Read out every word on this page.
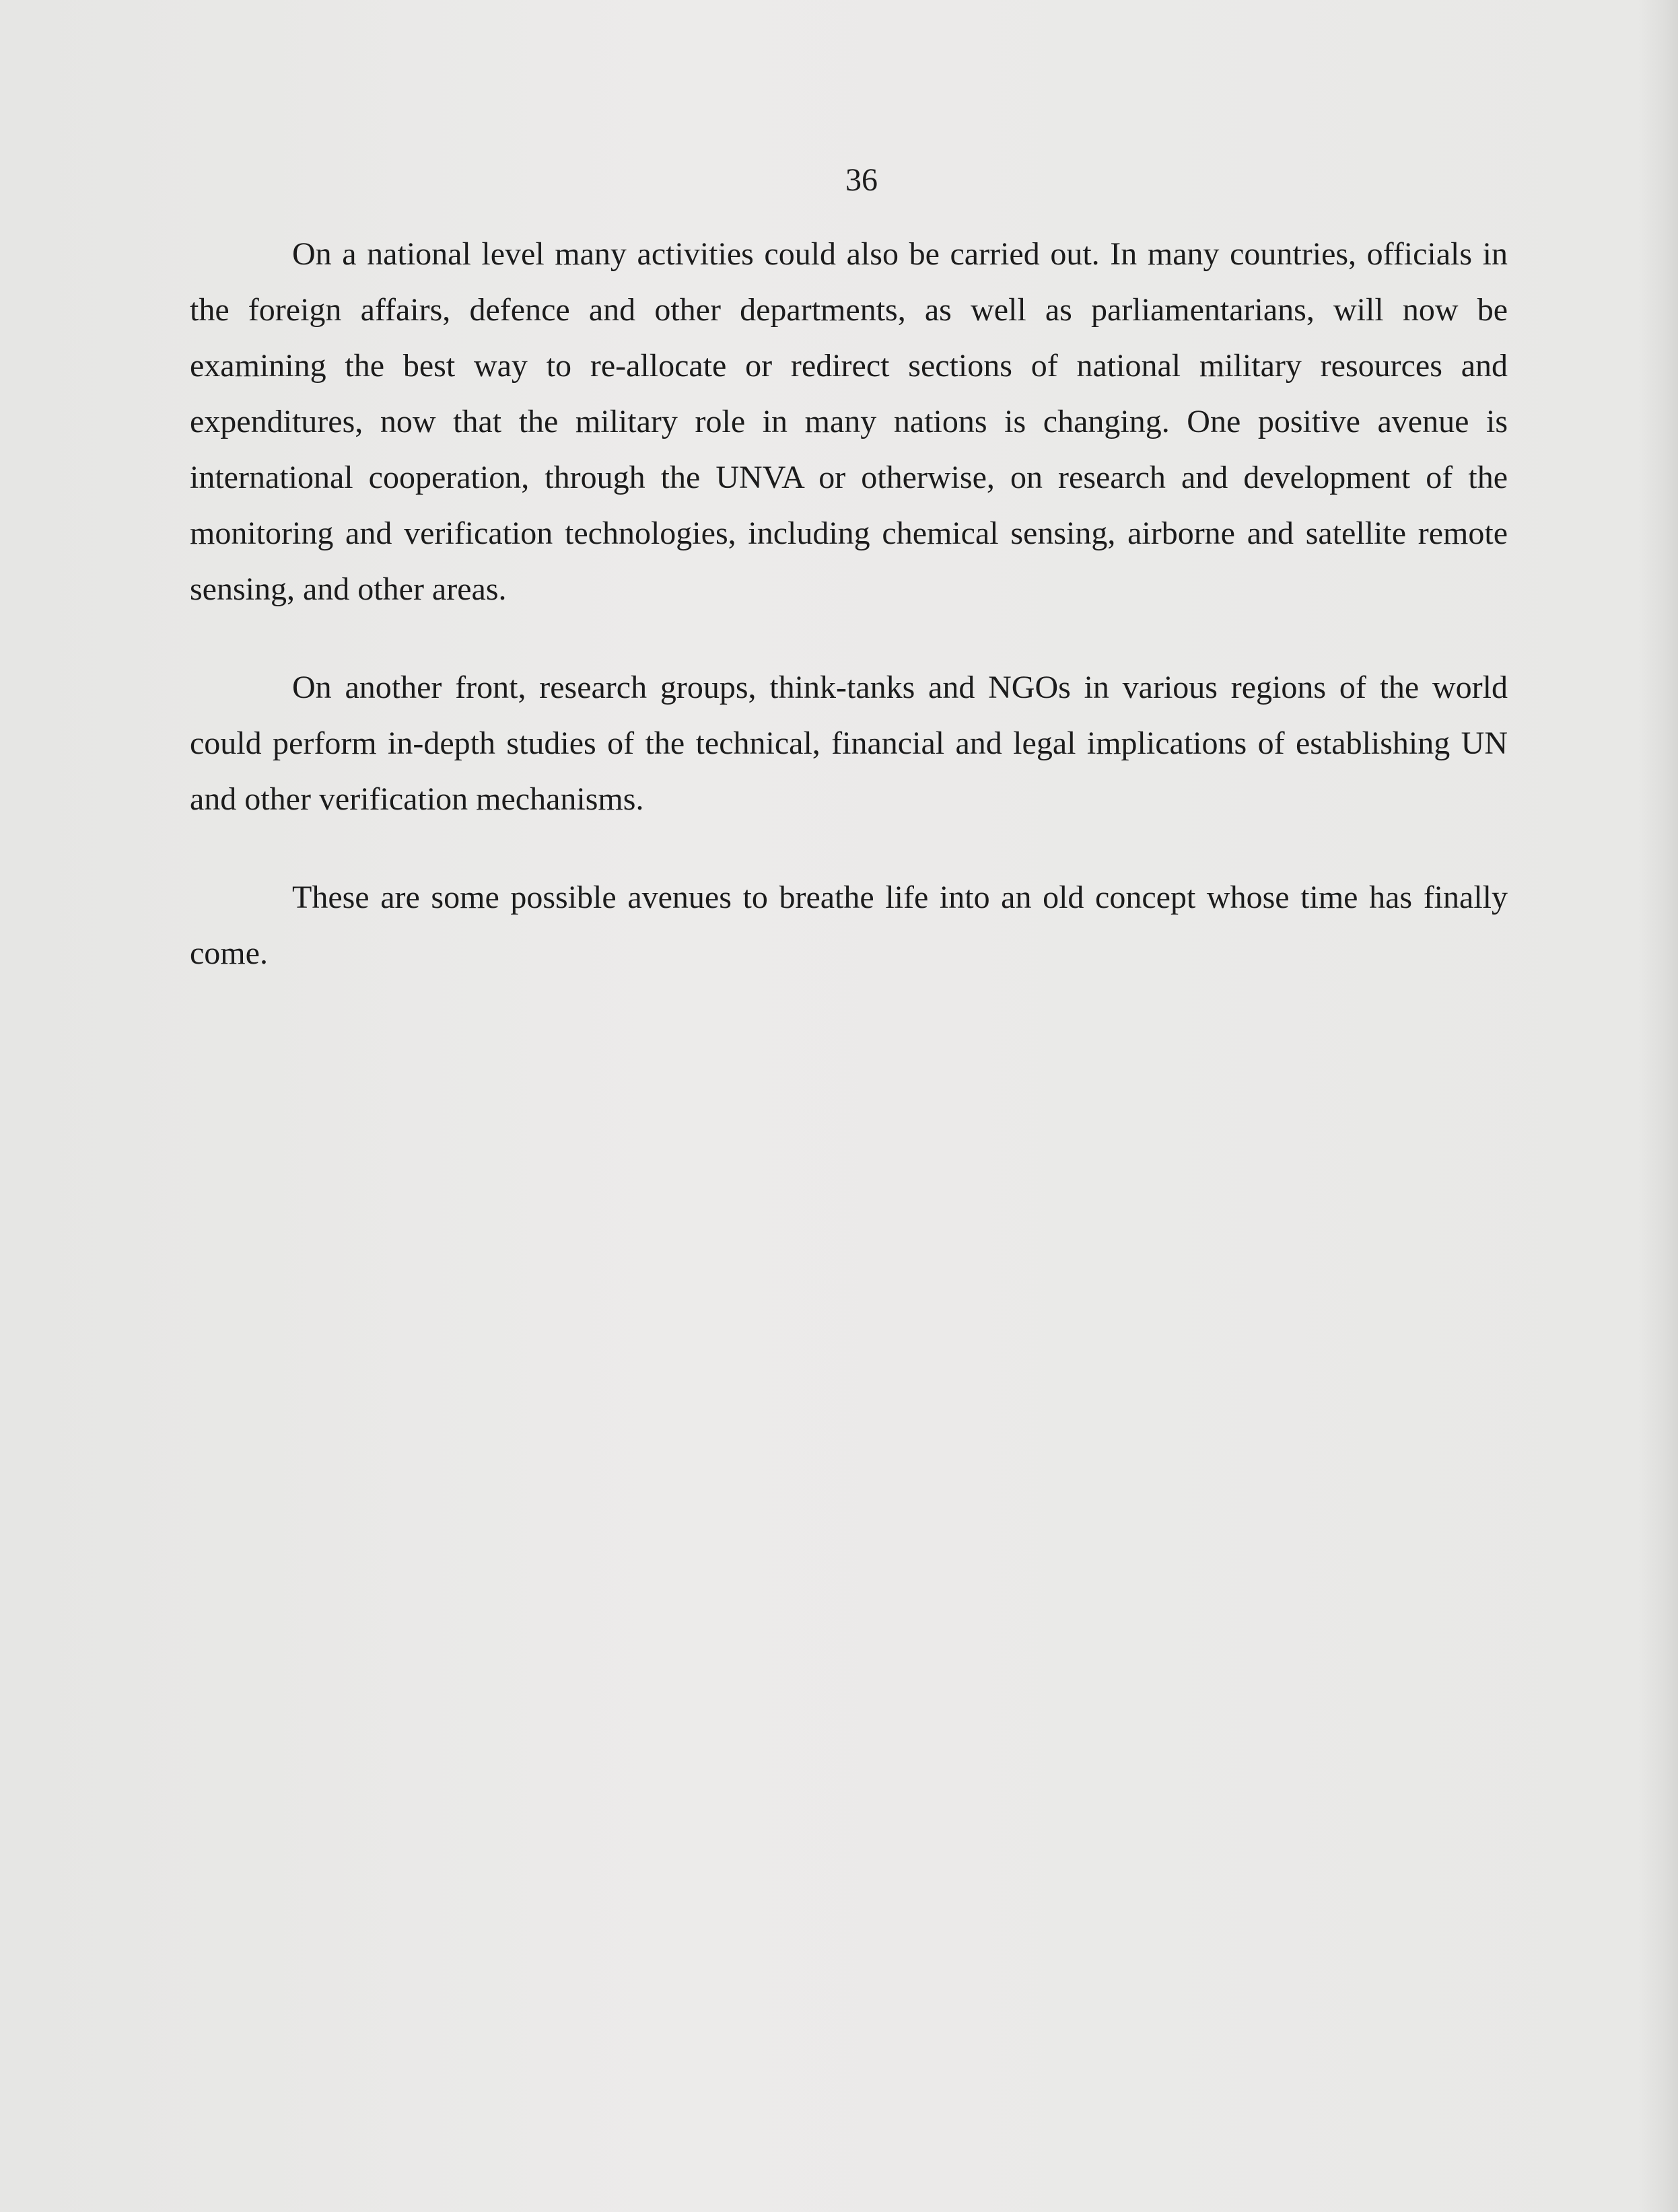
36

On a national level many activities could also be carried out. In many countries, officials in the foreign affairs, defence and other departments, as well as parliamentarians, will now be examining the best way to re-allocate or redirect sections of national military resources and expenditures, now that the military role in many nations is changing. One positive avenue is international cooperation, through the UNVA or otherwise, on research and development of the monitoring and verification technologies, including chemical sensing, airborne and satellite remote sensing, and other areas.

On another front, research groups, think-tanks and NGOs in various regions of the world could perform in-depth studies of the technical, financial and legal implications of establishing UN and other verification mechanisms.

These are some possible avenues to breathe life into an old concept whose time has finally come.
